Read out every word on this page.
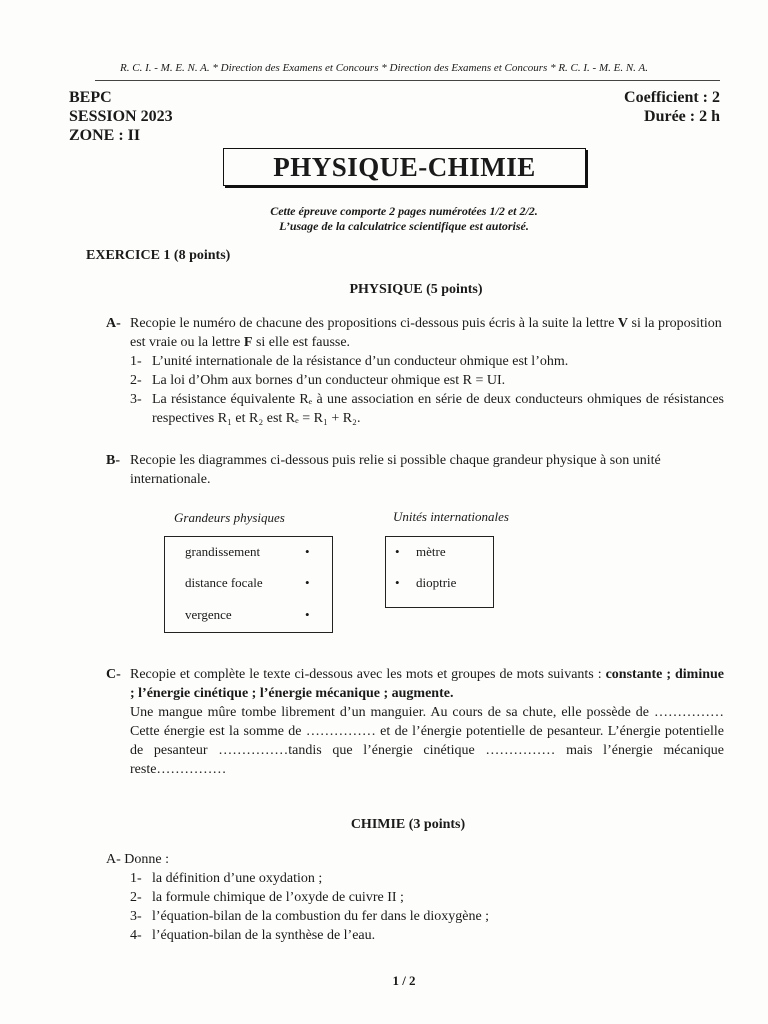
R. C. I. - M. E. N. A. * Direction des Examens et Concours * Direction des Examens et Concours * R. C. I. - M. E. N. A.
BEPC
SESSION 2023
ZONE : II
Coefficient : 2
Durée : 2 h
PHYSIQUE-CHIMIE
Cette épreuve comporte 2 pages numérotées 1/2 et 2/2.
L’usage de la calculatrice scientifique est autorisé.
EXERCICE 1 (8 points)
PHYSIQUE (5 points)
A- Recopie le numéro de chacune des propositions ci-dessous puis écris à la suite la lettre V si la proposition est vraie ou la lettre F si elle est fausse.
1- L’unité internationale de la résistance d’un conducteur ohmique est l’ohm.
2- La loi d’Ohm aux bornes d’un conducteur ohmique est R = UI.
3- La résistance équivalente Rₑ à une association en série de deux conducteurs ohmiques de résistances respectives R₁ et R₂ est Rₑ = R₁ + R₂.
B- Recopie les diagrammes ci-dessous puis relie si possible chaque grandeur physique à son unité internationale.
Grandeurs physiques	Unités internationales
grandissement	•
distance focale	•
vergence	•
• mètre
• dioptrie
C- Recopie et complète le texte ci-dessous avec les mots et groupes de mots suivants : constante ; diminue ; l’énergie cinétique ; l’énergie mécanique ; augmente.
Une mangue mûre tombe librement d’un manguier. Au cours de sa chute, elle possède de …………… Cette énergie est la somme de …………… et de l’énergie potentielle de pesanteur. L’énergie potentielle de pesanteur ……………tandis que l’énergie cinétique …………… mais l’énergie mécanique reste……………
CHIMIE (3 points)
A- Donne :
1- la définition d’une oxydation ;
2- la formule chimique de l’oxyde de cuivre II ;
3- l’équation-bilan de la combustion du fer dans le dioxygène ;
4- l’équation-bilan de la synthèse de l’eau.
1 / 2
